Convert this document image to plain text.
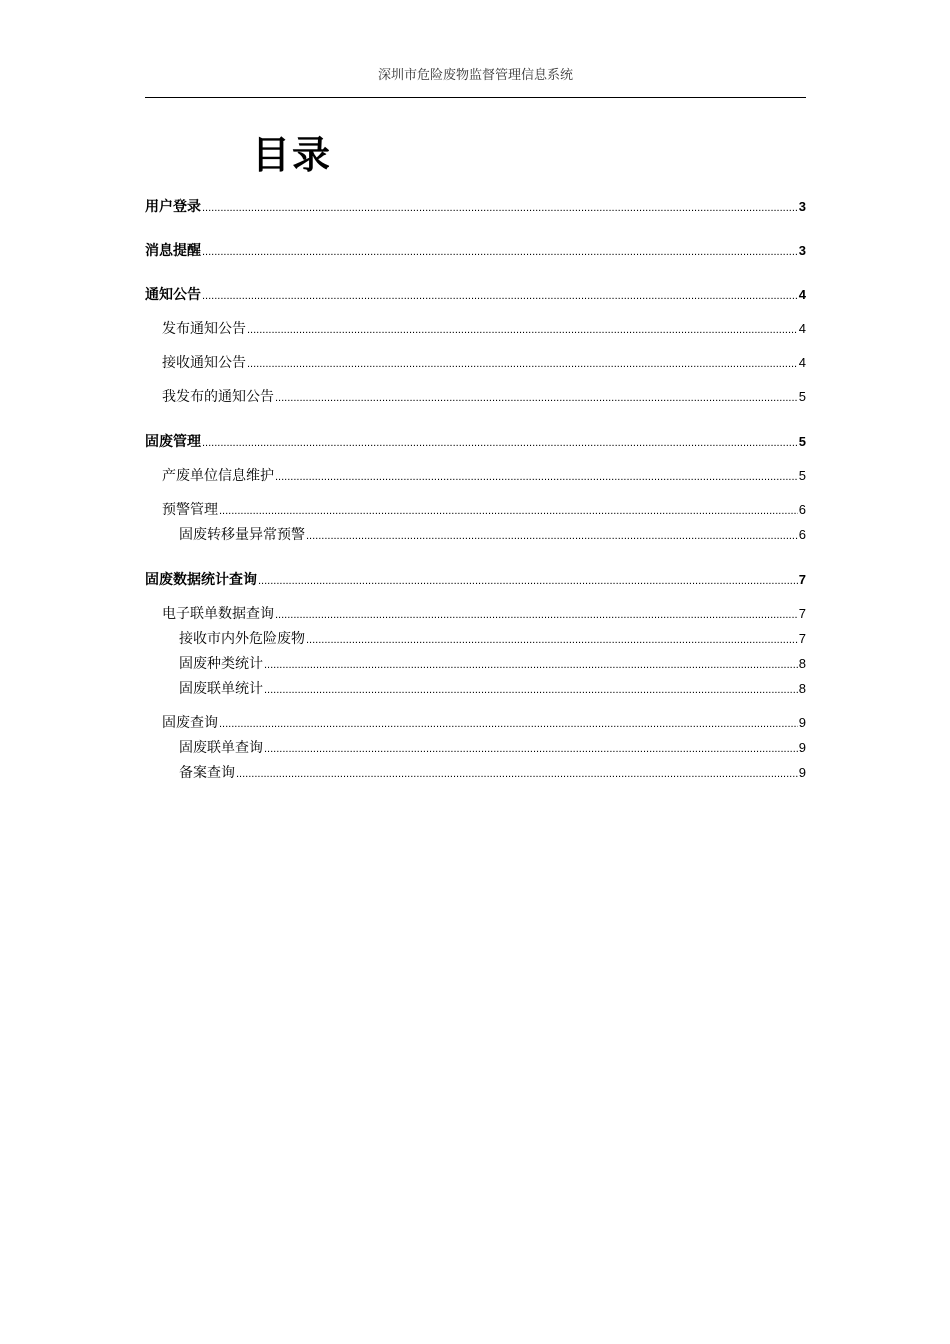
深圳市危险废物监督管理信息系统
目录
用户登录 .....	3
消息提醒 .....	3
通知公告 .....	4
发布通知公告 .....	4
接收通知公告 .....	4
我发布的通知公告 .....	5
固废管理 .....	5
产废单位信息维护 .....	5
预警管理 .....	6
固废转移量异常预警 .....	6
固废数据统计查询 .....	7
电子联单数据查询 .....	7
接收市内外危险废物 .....	7
固废种类统计 .....	8
固废联单统计 .....	8
固废查询 .....	9
固废联单查询 .....	9
备案查询 .....	9
